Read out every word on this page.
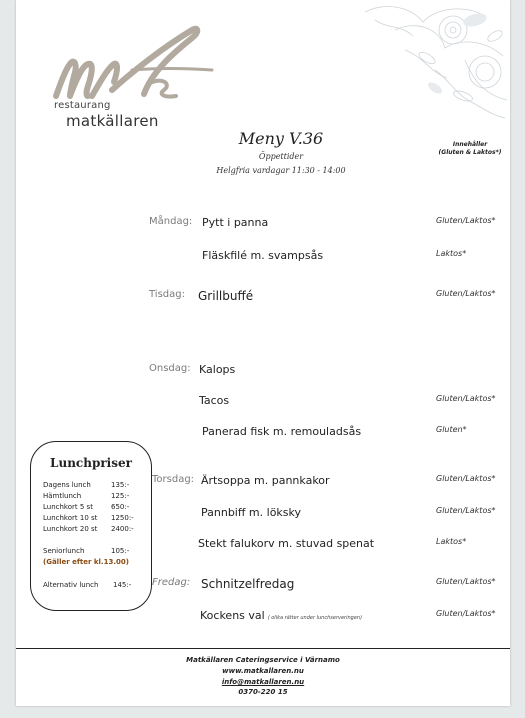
restaurang
matkällaren
Meny V.36
Öppettider
Helgfria vardagar 11:30 - 14:00
Innehåller
(Gluten & Laktos*)
Måndag: Pytt i panna	Gluten/Laktos*
Fläskfilé m. svampsås	Laktos*
Tisdag: Grillbuffé	Gluten/Laktos*
Onsdag: Kalops
Tacos	Gluten/Laktos*
Panerad fisk m. remouladsås	Gluten*
Torsdag: Ärtsoppa m. pannkakor	Gluten/Laktos*
Pannbiff m. löksky	Gluten/Laktos*
Stekt falukorv m. stuvad spenat	Laktos*
Fredag: Schnitzelfredag	Gluten/Laktos*
Kockens val ( olika rätter under lunchserveringen)	Gluten/Laktos*
Lunchpriser
Dagens lunch	135:-
Hämtlunch	125:-
Lunchkort 5 st	650:-
Lunchkort 10 st 1250:-
Lunchkort 20 st 2400:-
Seniorlunch	105:-
(Gäller efter kl.13.00)
Alternativ lunch 145:-
Matkällaren Cateringservice i Värnamo
www.matkallaren.nu
info@matkallaren.nu
0370-220 15
